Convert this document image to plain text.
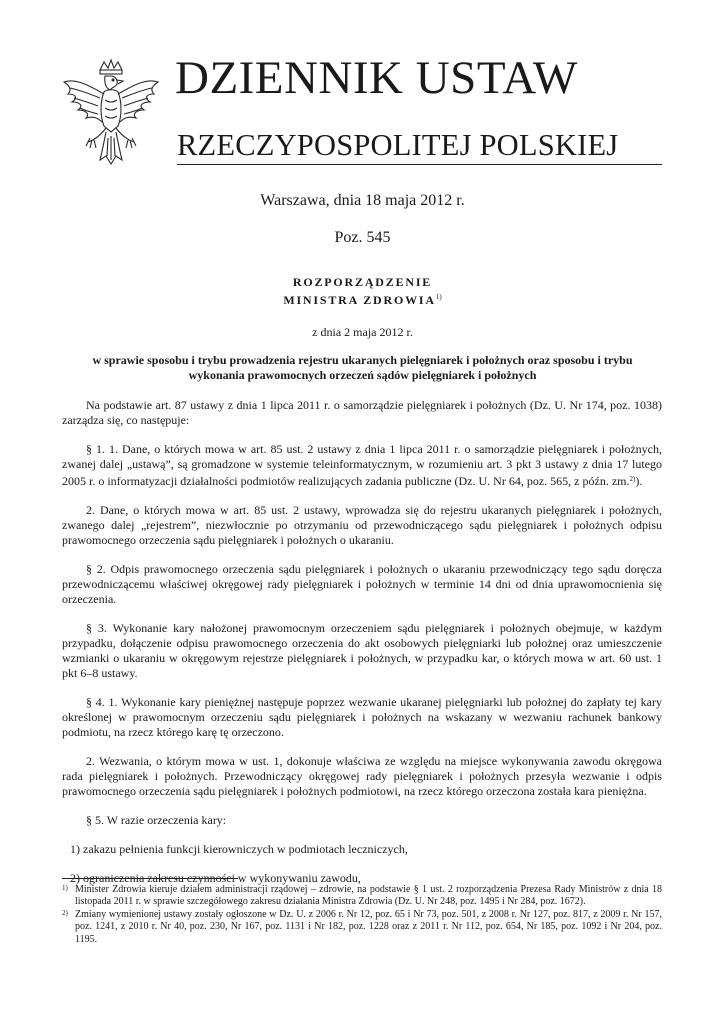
DZIENNIK USTAW
RZECZYPOSPOLITEJ POLSKIEJ
Warszawa, dnia 18 maja 2012 r.
Poz. 545
ROZPORZĄDZENIE
MINISTRA ZDROWIA$^{1)}$
z dnia 2 maja 2012 r.
w sprawie sposobu i trybu prowadzenia rejestru ukaranych pielęgniarek i położnych oraz sposobu i trybu wykonania prawomocnych orzeczeń sądów pielęgniarek i położnych

Na podstawie art. 87 ustawy z dnia 1 lipca 2011 r. o samorządzie pielęgniarek i położnych (Dz. U. Nr 174, poz. 1038) zarządza się, co następuje:

§ 1. 1. Dane, o których mowa w art. 85 ust. 2 ustawy z dnia 1 lipca 2011 r. o samorządzie pielęgniarek i położnych, zwanej dalej „ustawą”, są gromadzone w systemie teleinformatycznym, w rozumieniu art. 3 pkt 3 ustawy z dnia 17 lutego 2005 r. o informatyzacji działalności podmiotów realizujących zadania publiczne (Dz. U. Nr 64, poz. 565, z późn. zm.$^{2)}$).

2. Dane, o których mowa w art. 85 ust. 2 ustawy, wprowadza się do rejestru ukaranych pielęgniarek i położnych, zwanego dalej „rejestrem”, niezwłocznie po otrzymaniu od przewodniczącego sądu pielęgniarek i położnych odpisu prawomocnego orzeczenia sądu pielęgniarek i położnych o ukaraniu.

§ 2. Odpis prawomocnego orzeczenia sądu pielęgniarek i położnych o ukaraniu przewodniczący tego sądu doręcza przewodniczącemu właściwej okręgowej rady pielęgniarek i położnych w terminie 14 dni od dnia uprawomocnienia się orzeczenia.

§ 3. Wykonanie kary nałożonej prawomocnym orzeczeniem sądu pielęgniarek i położnych obejmuje, w każdym przypadku, dołączenie odpisu prawomocnego orzeczenia do akt osobowych pielęgniarki lub położnej oraz umieszczenie wzmianki o ukaraniu w okręgowym rejestrze pielęgniarek i położnych, w przypadku kar, o których mowa w art. 60 ust. 1 pkt 6–8 ustawy.

§ 4. 1. Wykonanie kary pieniężnej następuje poprzez wezwanie ukaranej pielęgniarki lub położnej do zapłaty tej kary określonej w prawomocnym orzeczeniu sądu pielęgniarek i położnych na wskazany w wezwaniu rachunek bankowy podmiotu, na rzecz którego karę tę orzeczono.

2. Wezwania, o którym mowa w ust. 1, dokonuje właściwa ze względu na miejsce wykonywania zawodu okręgowa rada pielęgniarek i położnych. Przewodniczący okręgowej rady pielęgniarek i położnych przesyła wezwanie i odpis prawomocnego orzeczenia sądu pielęgniarek i położnych podmiotowi, na rzecz którego orzeczona została kara pieniężna.

§ 5. W razie orzeczenia kary:

1) zakazu pełnienia funkcji kierowniczych w podmiotach leczniczych,

2) ograniczenia zakresu czynności w wykonywaniu zawodu,

1) Minister Zdrowia kieruje działem administracji rządowej – zdrowie, na podstawie § 1 ust. 2 rozporządzenia Prezesa Rady Ministrów z dnia 18 listopada 2011 r. w sprawie szczegółowego zakresu działania Ministra Zdrowia (Dz. U. Nr 248, poz. 1495 i Nr 284, poz. 1672).

2) Zmiany wymienionej ustawy zostały ogłoszone w Dz. U. z 2006 r. Nr 12, poz. 65 i Nr 73, poz. 501, z 2008 r. Nr 127, poz. 817, z 2009 r. Nr 157, poz. 1241, z 2010 r. Nr 40, poz. 230, Nr 167, poz. 1131 i Nr 182, poz. 1228 oraz z 2011 r. Nr 112, poz. 654, Nr 185, poz. 1092 i Nr 204, poz. 1195.
